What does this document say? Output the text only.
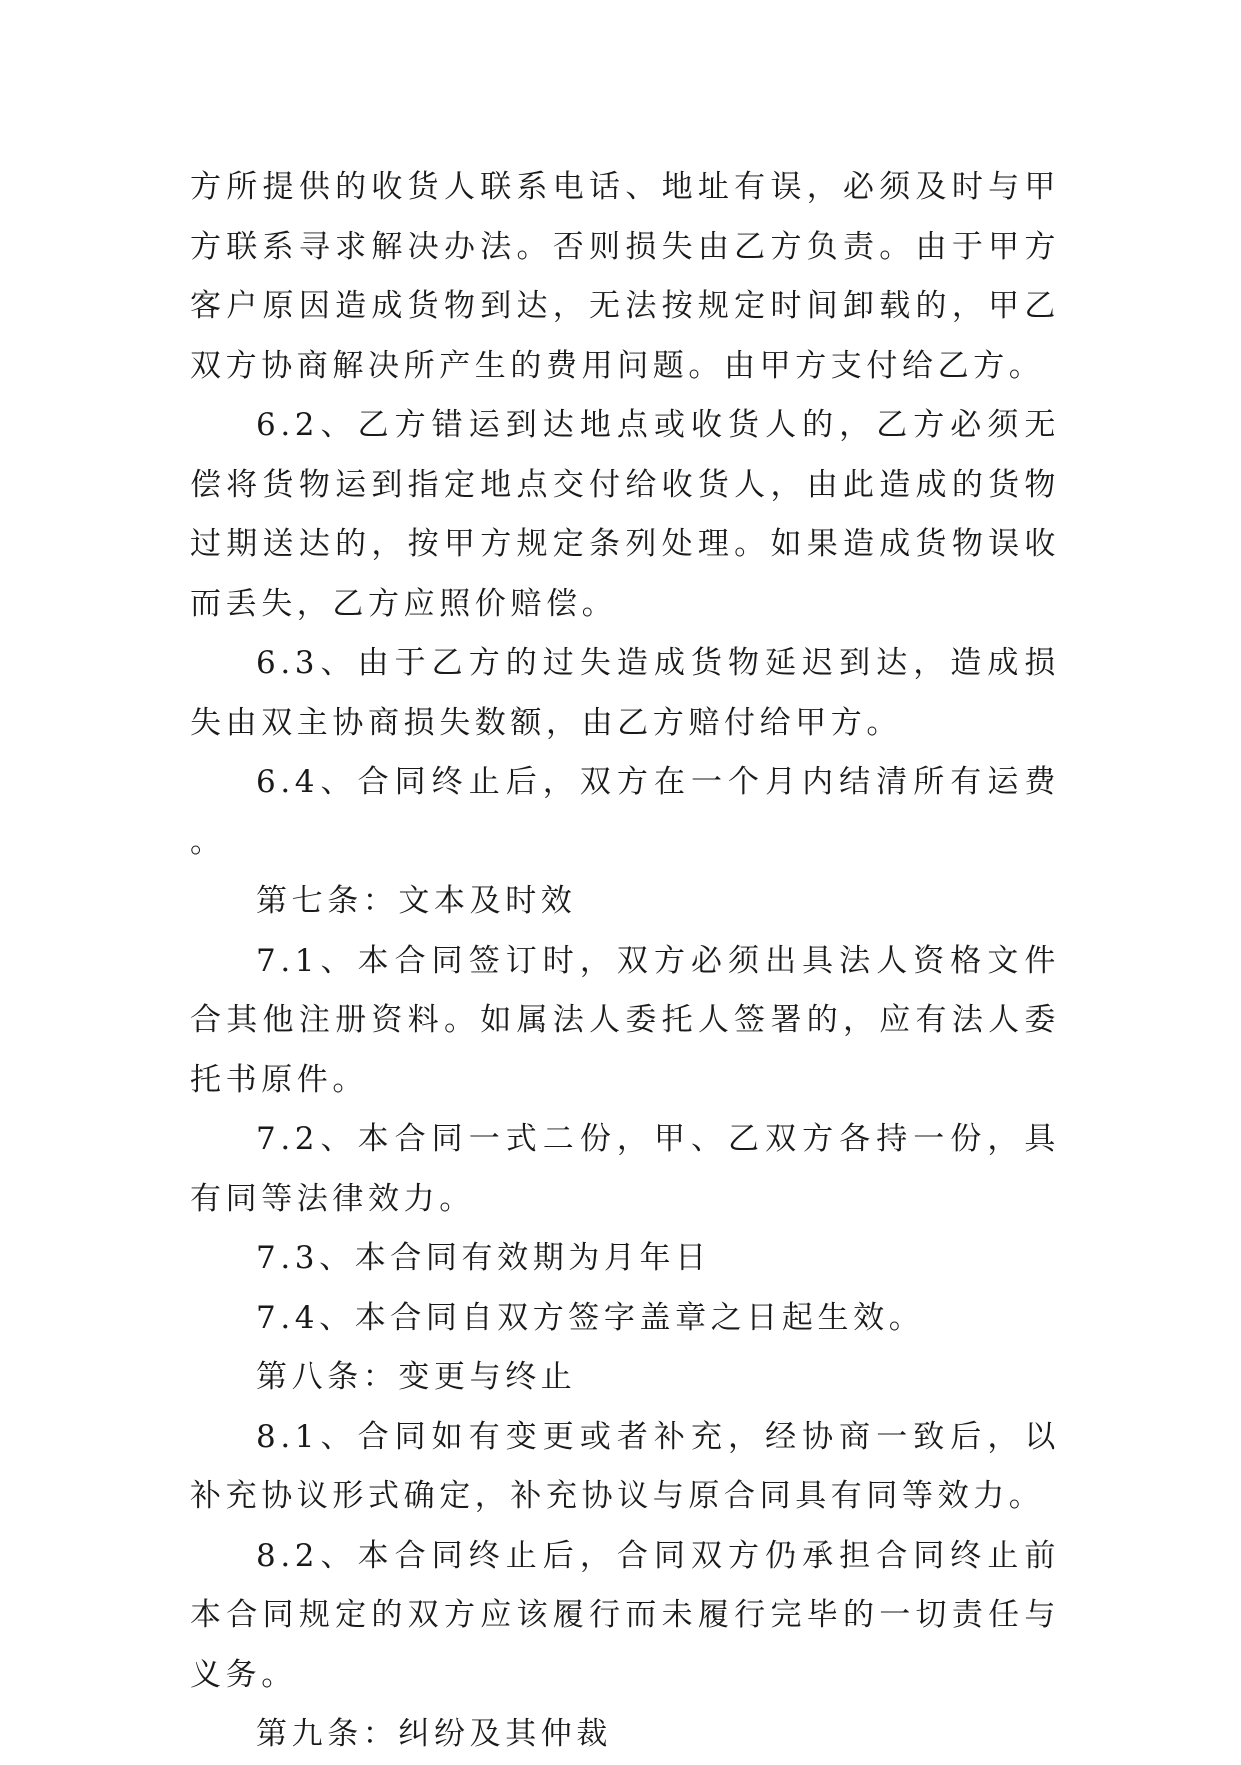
方所提供的收货人联系电话、地址有误，必须及时与甲方联系寻求解决办法。否则损失由乙方负责。由于甲方客户原因造成货物到达，无法按规定时间卸载的，甲乙双方协商解决所产生的费用问题。由甲方支付给乙方。

6.2、乙方错运到达地点或收货人的，乙方必须无偿将货物运到指定地点交付给收货人，由此造成的货物过期送达的，按甲方规定条列处理。如果造成货物误收而丢失，乙方应照价赔偿。

6.3、由于乙方的过失造成货物延迟到达，造成损失由双主协商损失数额，由乙方赔付给甲方。

6.4、合同终止后，双方在一个月内结清所有运费。

第七条：文本及时效

7.1、本合同签订时，双方必须出具法人资格文件合其他注册资料。如属法人委托人签署的，应有法人委托书原件。

7.2、本合同一式二份，甲、乙双方各持一份，具有同等法律效力。

7.3、本合同有效期为月年日

7.4、本合同自双方签字盖章之日起生效。

第八条：变更与终止

8.1、合同如有变更或者补充，经协商一致后，以补充协议形式确定，补充协议与原合同具有同等效力。

8.2、本合同终止后，合同双方仍承担合同终止前本合同规定的双方应该履行而未履行完毕的一切责任与义务。

第九条：纠纷及其仲裁
